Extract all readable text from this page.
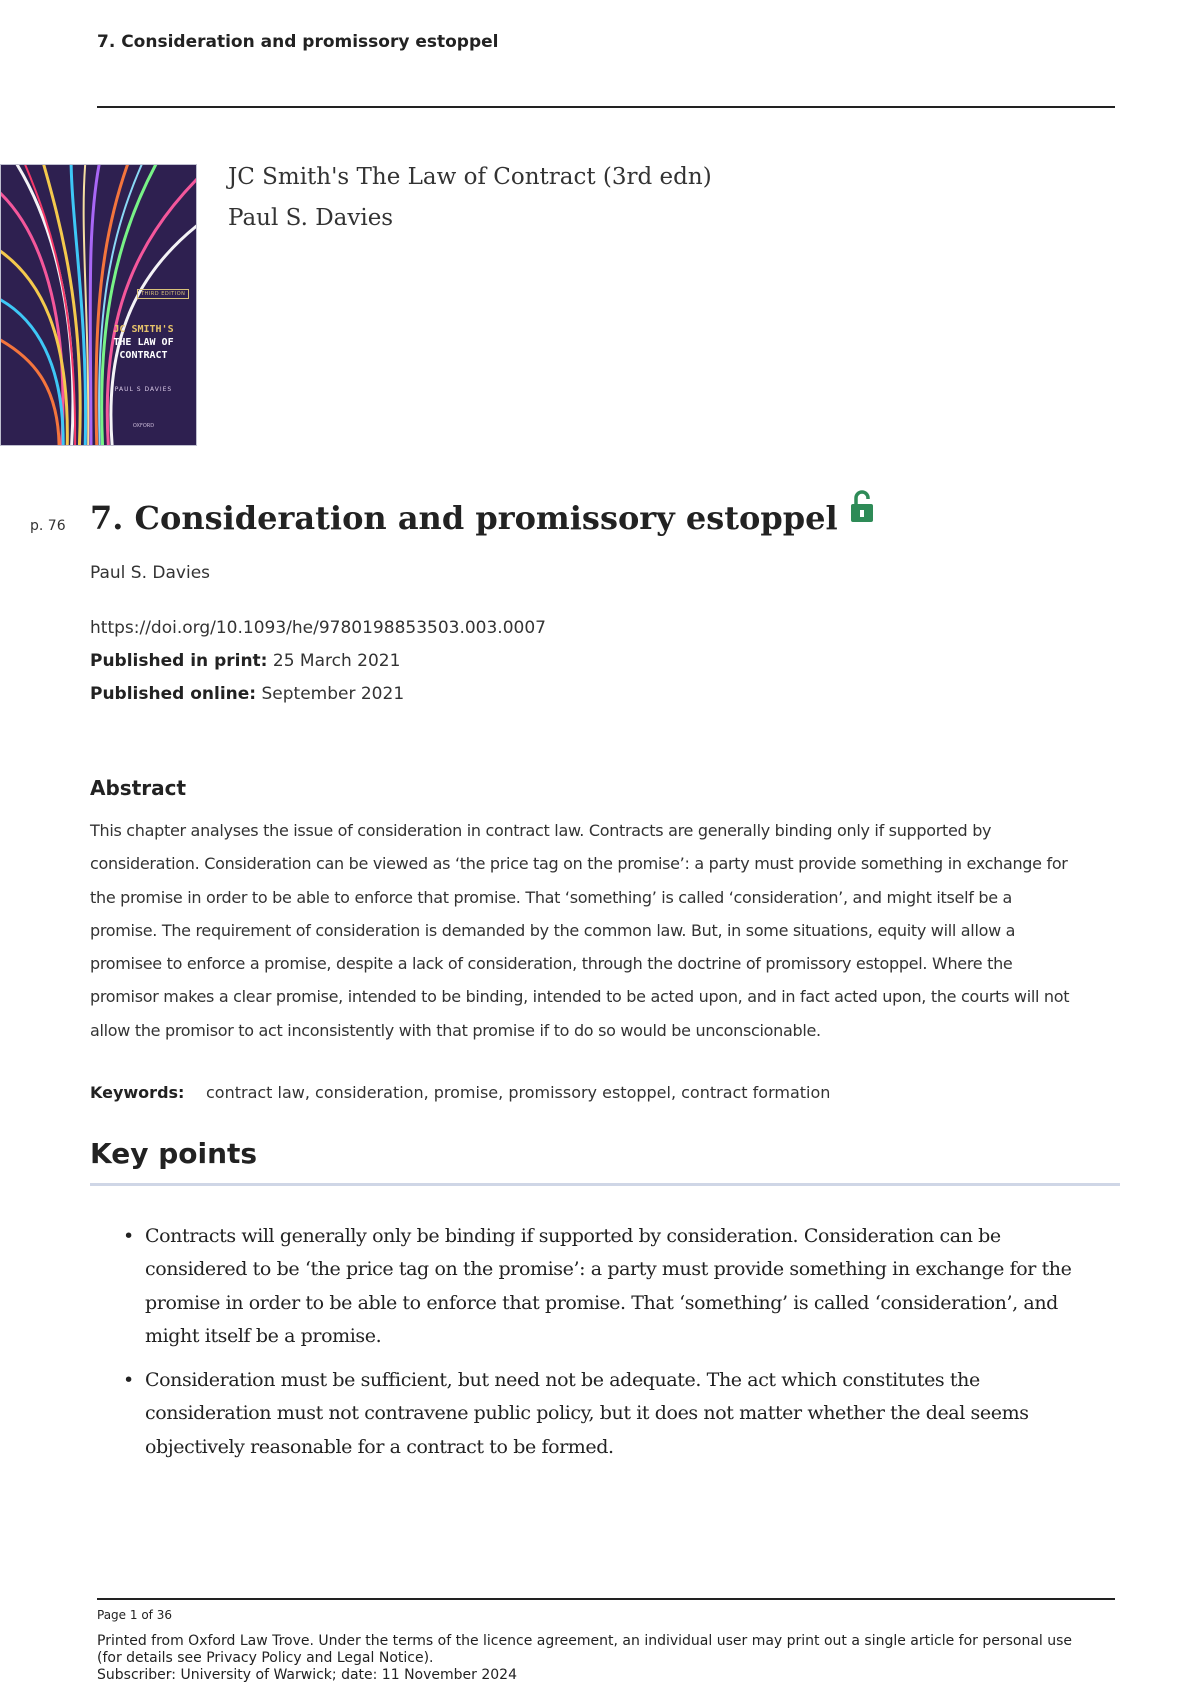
7. Consideration and promissory estoppel
THIRD EDITION
JC SMITH'S
THE LAW OF
CONTRACT
PAUL S DAVIES
OXFORD
JC Smith's The Law of Contract (3rd edn)
Paul S. Davies
p. 76 7. Consideration and promissory estoppel
Paul S. Davies
https://doi.org/10.1093/he/9780198853503.003.0007
Published in print: 25 March 2021
Published online: September 2021
Abstract
This chapter analyses the issue of consideration in contract law. Contracts are generally binding only if supported by
consideration. Consideration can be viewed as ‘the price tag on the promise’: a party must provide something in exchange for
the promise in order to be able to enforce that promise. That ‘something’ is called ‘consideration’, and might itself be a
promise. The requirement of consideration is demanded by the common law. But, in some situations, equity will allow a
promisee to enforce a promise, despite a lack of consideration, through the doctrine of promissory estoppel. Where the
promisor makes a clear promise, intended to be binding, intended to be acted upon, and in fact acted upon, the courts will not
allow the promisor to act inconsistently with that promise if to do so would be unconscionable.
Keywords:	contract law, consideration, promise, promissory estoppel, contract formation
Key points
• Contracts will generally only be binding if supported by consideration. Consideration can be considered to be ‘the price tag on the promise’: a party must provide something in exchange for the promise in order to be able to enforce that promise. That ‘something’ is called ‘consideration’, and might itself be a promise.
• Consideration must be sufficient, but need not be adequate. The act which constitutes the consideration must not contravene public policy, but it does not matter whether the deal seems objectively reasonable for a contract to be formed.
Page 1 of 36
Printed from Oxford Law Trove. Under the terms of the licence agreement, an individual user may print out a single article for personal use (for details see Privacy Policy and Legal Notice).
Subscriber: University of Warwick; date: 11 November 2024
